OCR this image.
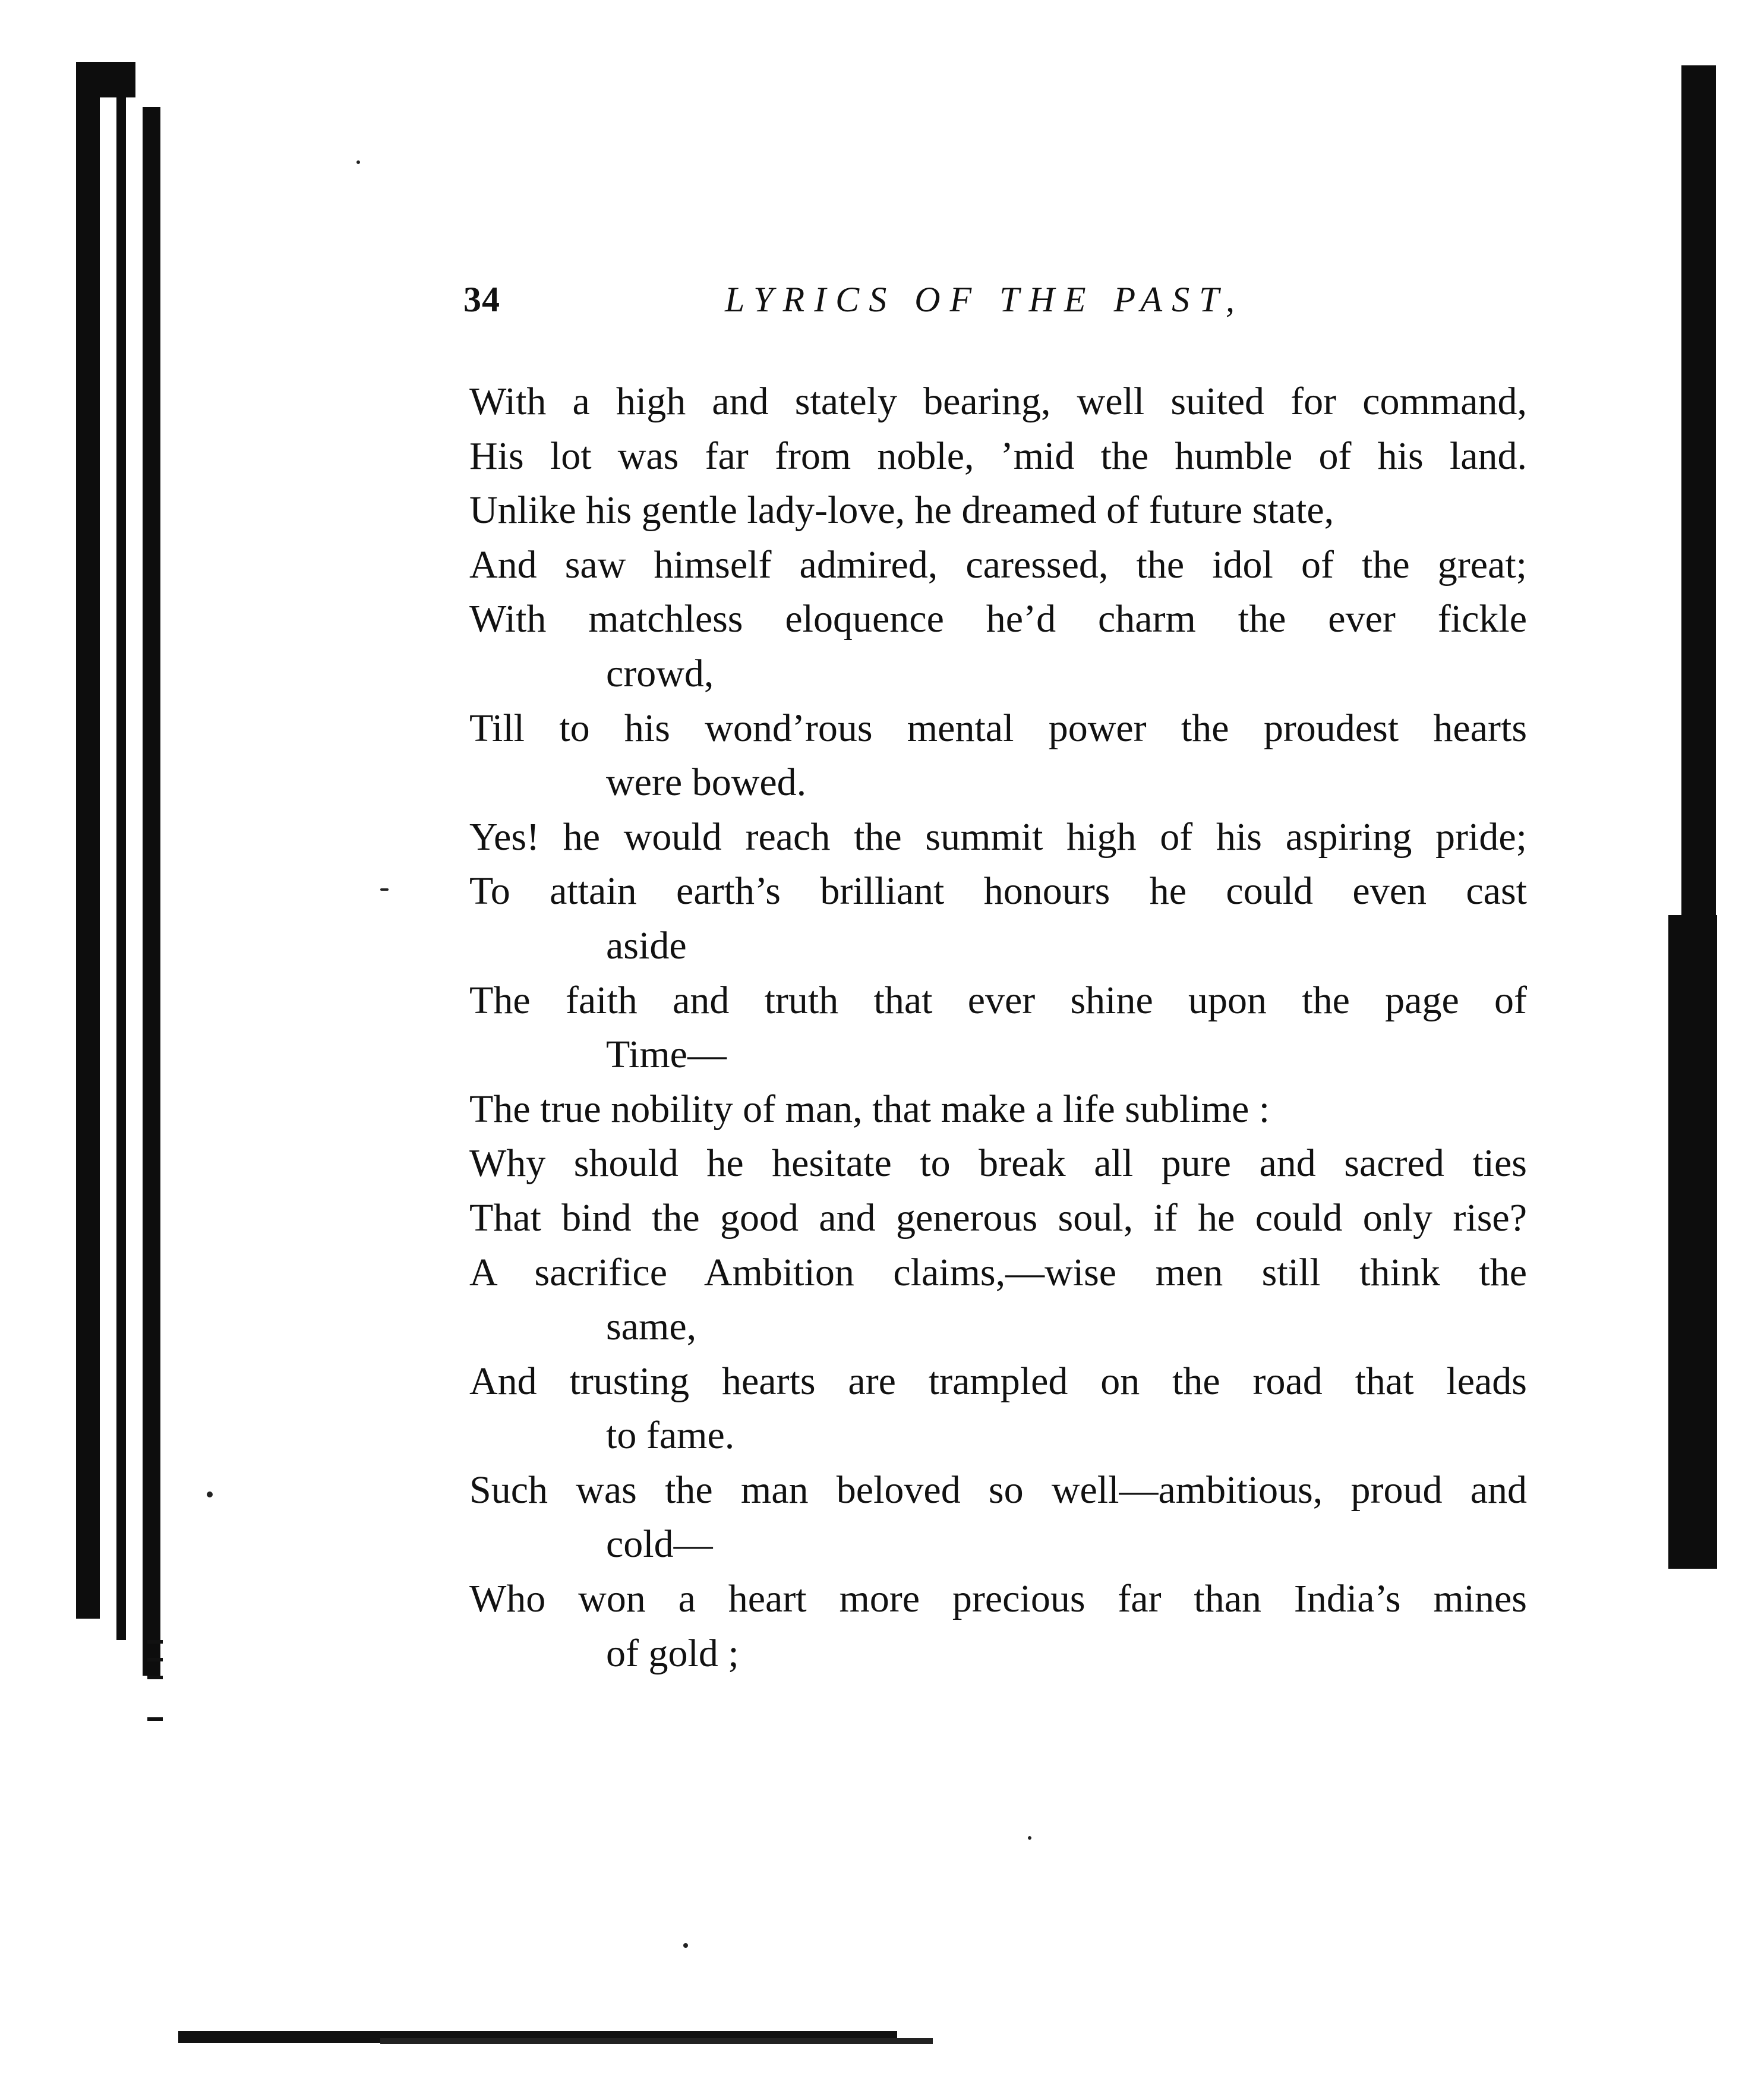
34	LYRICS OF THE PAST,
With a high and stately bearing, well suited for command,
His lot was far from noble, ’mid the humble of his land.
Unlike his gentle lady-love, he dreamed of future state,
And saw himself admired, caressed, the idol of the great;
With matchless eloquence he’d charm the ever fickle
crowd,
Till to his wond’rous mental power the proudest hearts
were bowed.
Yes! he would reach the summit high of his aspiring pride;
To attain earth’s brilliant honours he could even cast
aside
The faith and truth that ever shine upon the page of
Time—
The true nobility of man, that make a life sublime :
Why should he hesitate to break all pure and sacred ties
That bind the good and generous soul, if he could only rise?
A sacrifice Ambition claims,—wise men still think the
same,
And trusting hearts are trampled on the road that leads
to fame.
Such was the man beloved so well—ambitious, proud and
cold—
Who won a heart more precious far than India’s mines
of gold ;
